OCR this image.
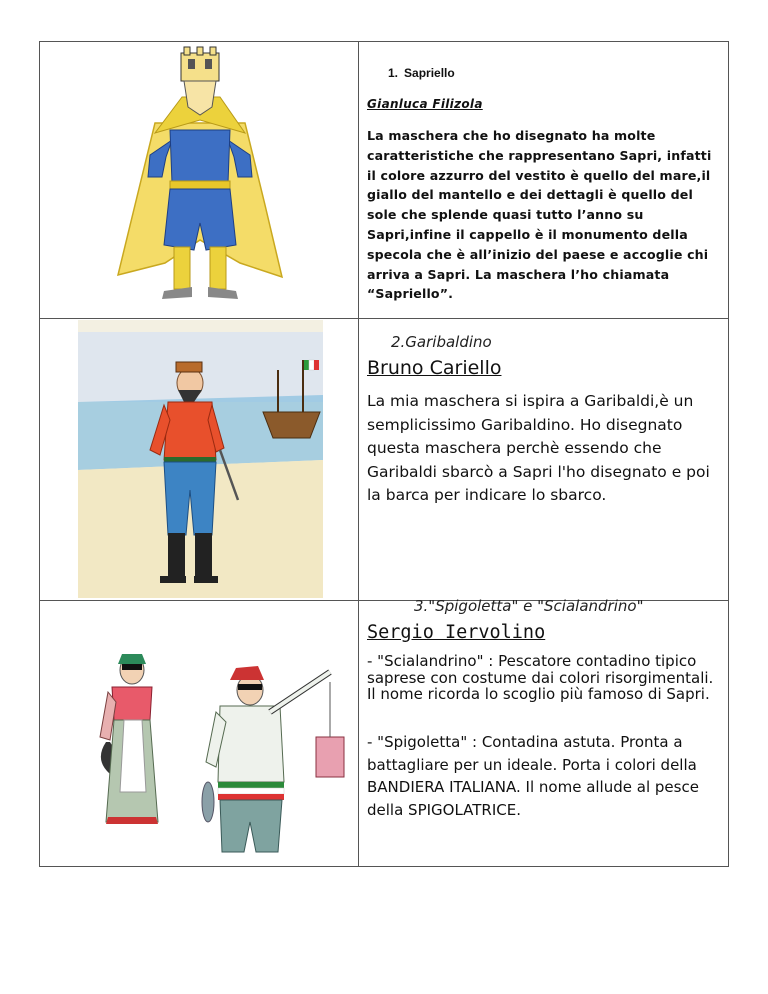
1. Sapriello
Gianluca Filizola
La maschera che ho disegnato ha molte caratteristiche che rappresentano Sapri, infatti il colore azzurro del vestito è quello del mare,il giallo del mantello e dei dettagli è quello del sole che splende quasi tutto l’anno su Sapri,infine il cappello è il monumento della specola che è all’inizio del paese e accoglie chi arriva a Sapri. La maschera l’ho chiamata “Sapriello”.
2.Garibaldino
Bruno Cariello
La mia maschera si ispira a Garibaldi,è un semplicissimo Garibaldino. Ho disegnato questa maschera perchè essendo che Garibaldi sbarcò a Sapri l'ho disegnato e poi la barca per indicare lo sbarco.
3."Spigoletta" e "Scialandrino"
Sergio Iervolino
- "Scialandrino" : Pescatore contadino tipico saprese con costume dai colori risorgimentali. Il nome ricorda lo scoglio più famoso di Sapri.
- "Spigoletta" : Contadina astuta. Pronta a battagliare per un ideale. Porta i colori della BANDIERA ITALIANA. Il nome allude al pesce della SPIGOLATRICE.
